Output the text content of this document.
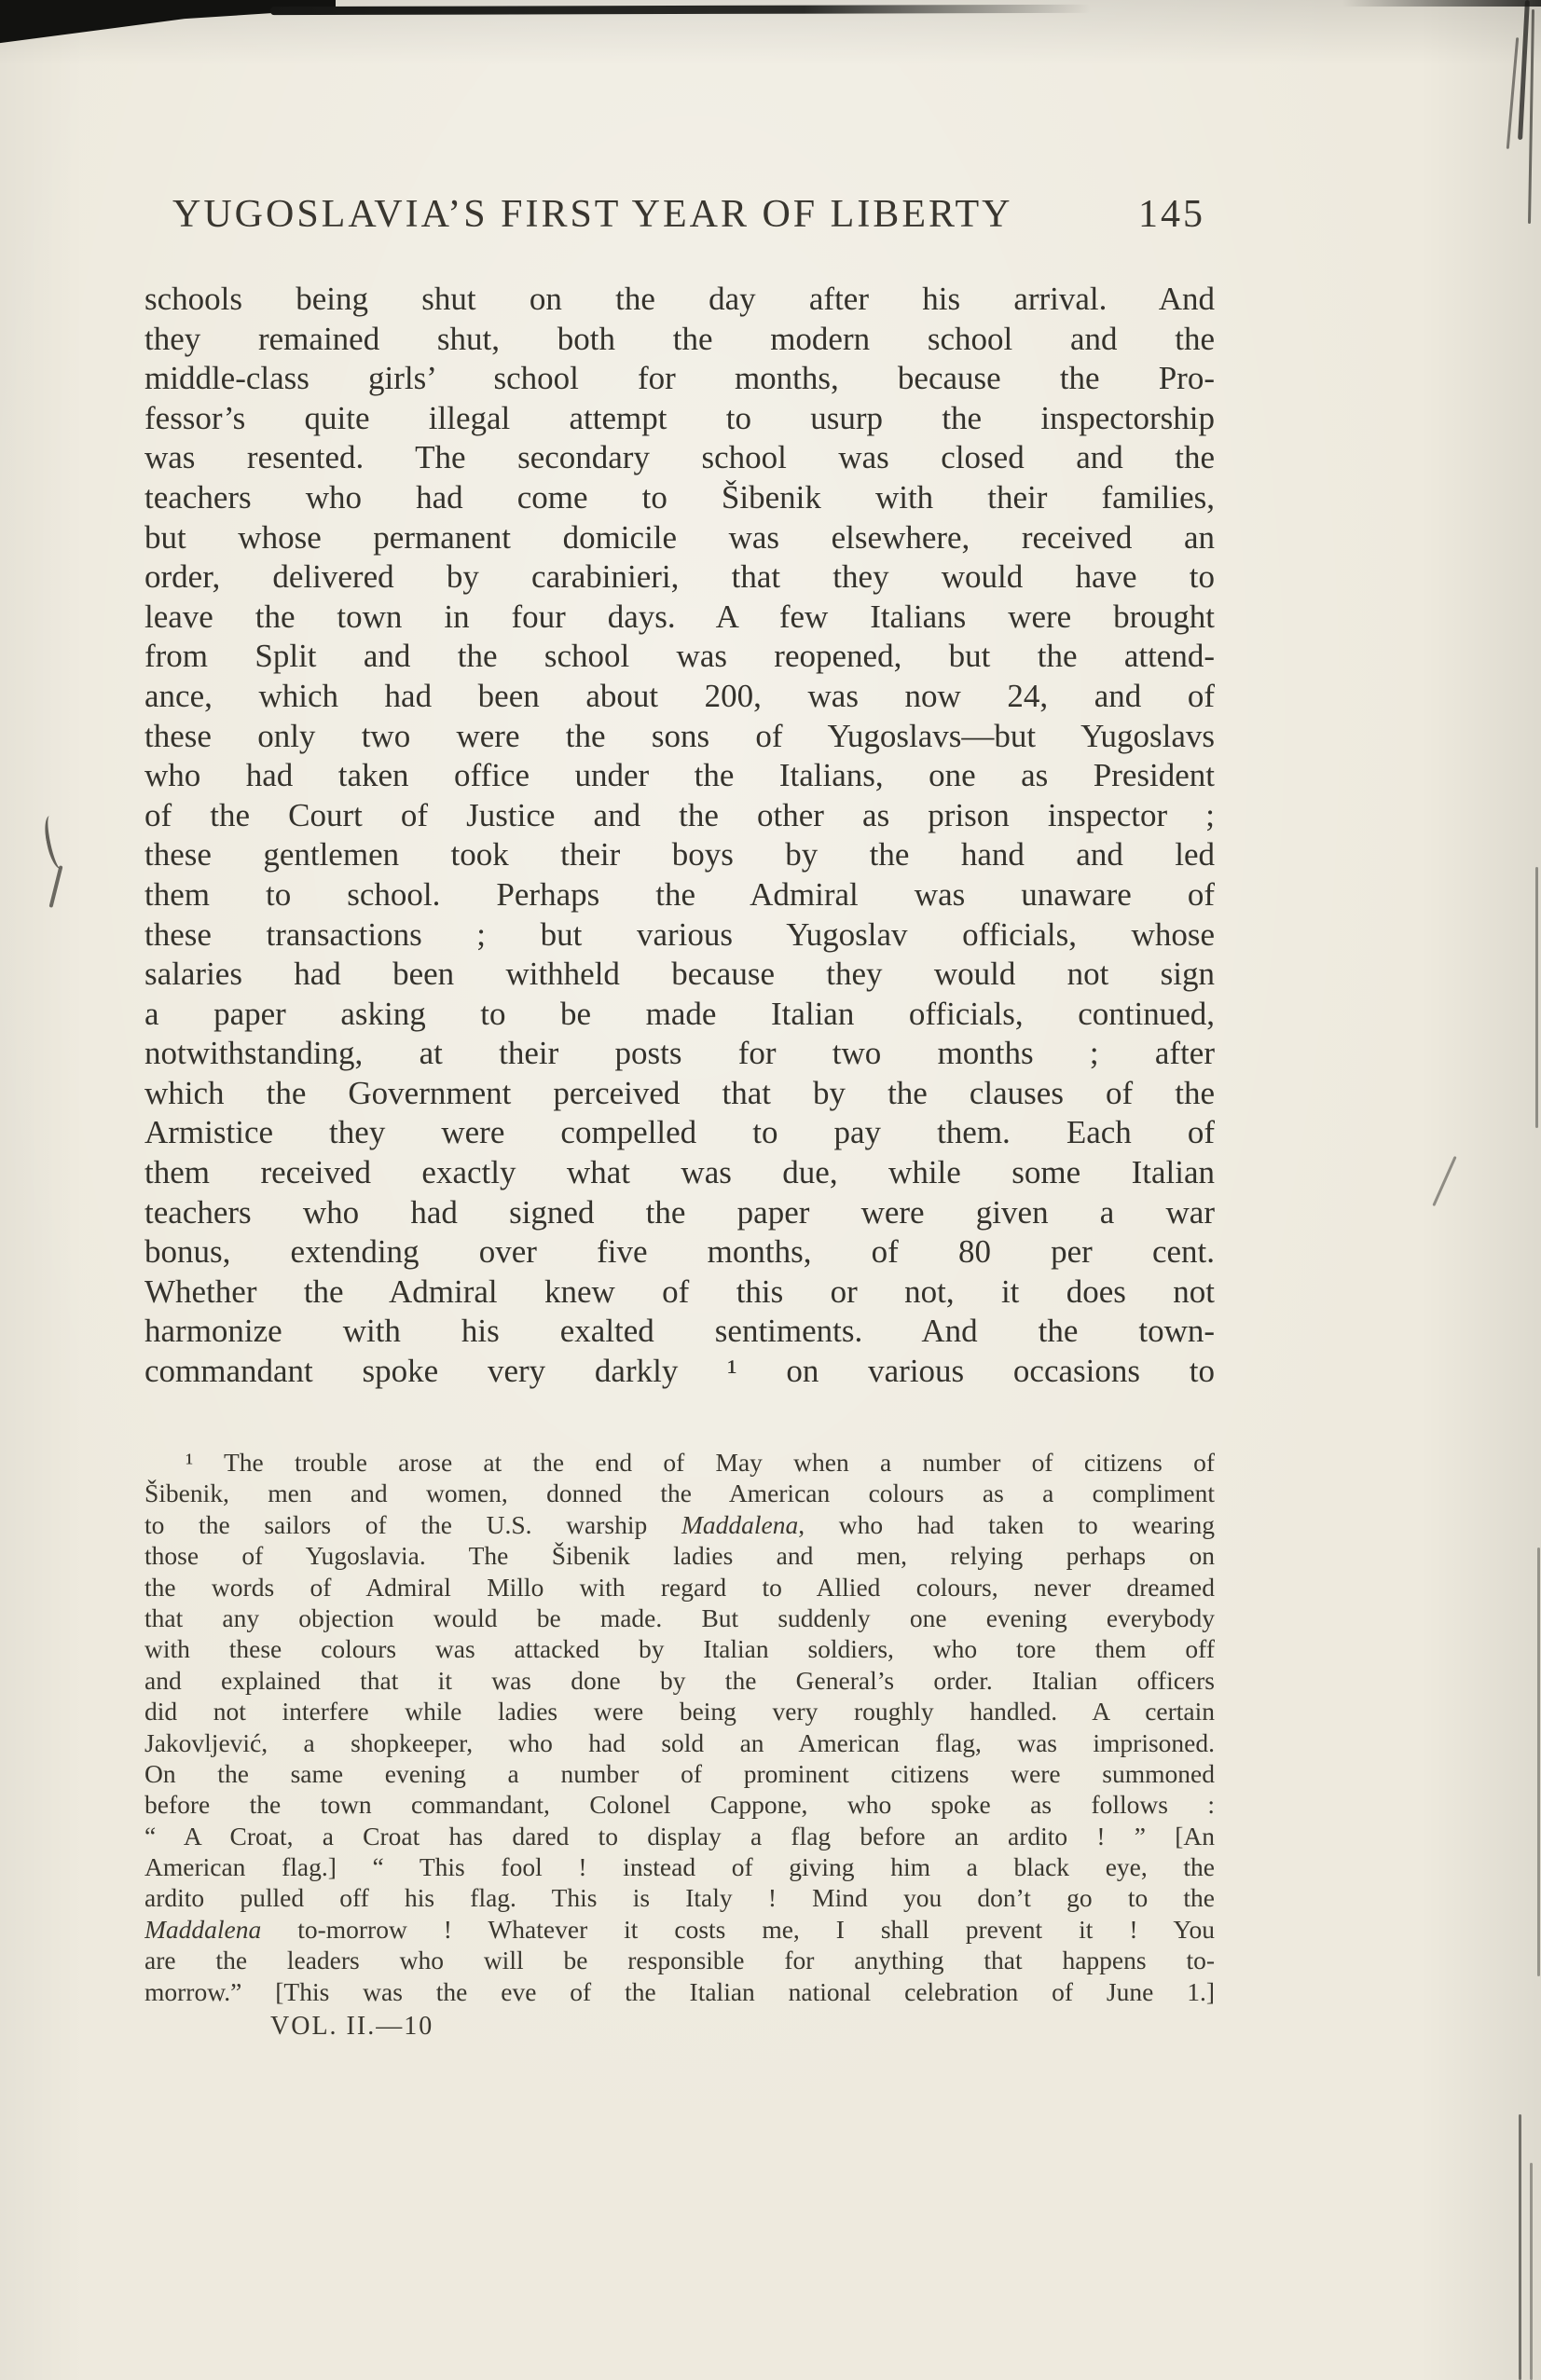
YUGOSLAVIA’S FIRST YEAR OF LIBERTY	145
schools being shut on the day after his arrival. And
they remained shut, both the modern school and the
middle-class girls’ school for months, because the Pro-
fessor’s quite illegal attempt to usurp the inspectorship
was resented. The secondary school was closed and the
teachers who had come to Šibenik with their families,
but whose permanent domicile was elsewhere, received an
order, delivered by carabinieri, that they would have to
leave the town in four days. A few Italians were brought
from Split and the school was reopened, but the attend-
ance, which had been about 200, was now 24, and of
these only two were the sons of Yugoslavs—but Yugoslavs
who had taken office under the Italians, one as President
of the Court of Justice and the other as prison inspector ;
these gentlemen took their boys by the hand and led
them to school. Perhaps the Admiral was unaware of
these transactions ; but various Yugoslav officials, whose
salaries had been withheld because they would not sign
a paper asking to be made Italian officials, continued,
notwithstanding, at their posts for two months ; after
which the Government perceived that by the clauses of the
Armistice they were compelled to pay them. Each of
them received exactly what was due, while some Italian
teachers who had signed the paper were given a war
bonus, extending over five months, of 80 per cent.
Whether the Admiral knew of this or not, it does not
harmonize with his exalted sentiments. And the town-
commandant spoke very darkly ¹ on various occasions to
¹ The trouble arose at the end of May when a number of citizens of
Šibenik, men and women, donned the American colours as a compliment
to the sailors of the U.S. warship Maddalena, who had taken to wearing
those of Yugoslavia. The Šibenik ladies and men, relying perhaps on
the words of Admiral Millo with regard to Allied colours, never dreamed
that any objection would be made. But suddenly one evening everybody
with these colours was attacked by Italian soldiers, who tore them off
and explained that it was done by the General’s order. Italian officers
did not interfere while ladies were being very roughly handled. A certain
Jakovljević, a shopkeeper, who had sold an American flag, was imprisoned.
On the same evening a number of prominent citizens were summoned
before the town commandant, Colonel Cappone, who spoke as follows :
“ A Croat, a Croat has dared to display a flag before an ardito ! ” [An
American flag.] “ This fool ! instead of giving him a black eye, the
ardito pulled off his flag. This is Italy ! Mind you don’t go to the
Maddalena to-morrow ! Whatever it costs me, I shall prevent it ! You
are the leaders who will be responsible for anything that happens to-
morrow.” [This was the eve of the Italian national celebration of June 1.]
VOL. II.—10
